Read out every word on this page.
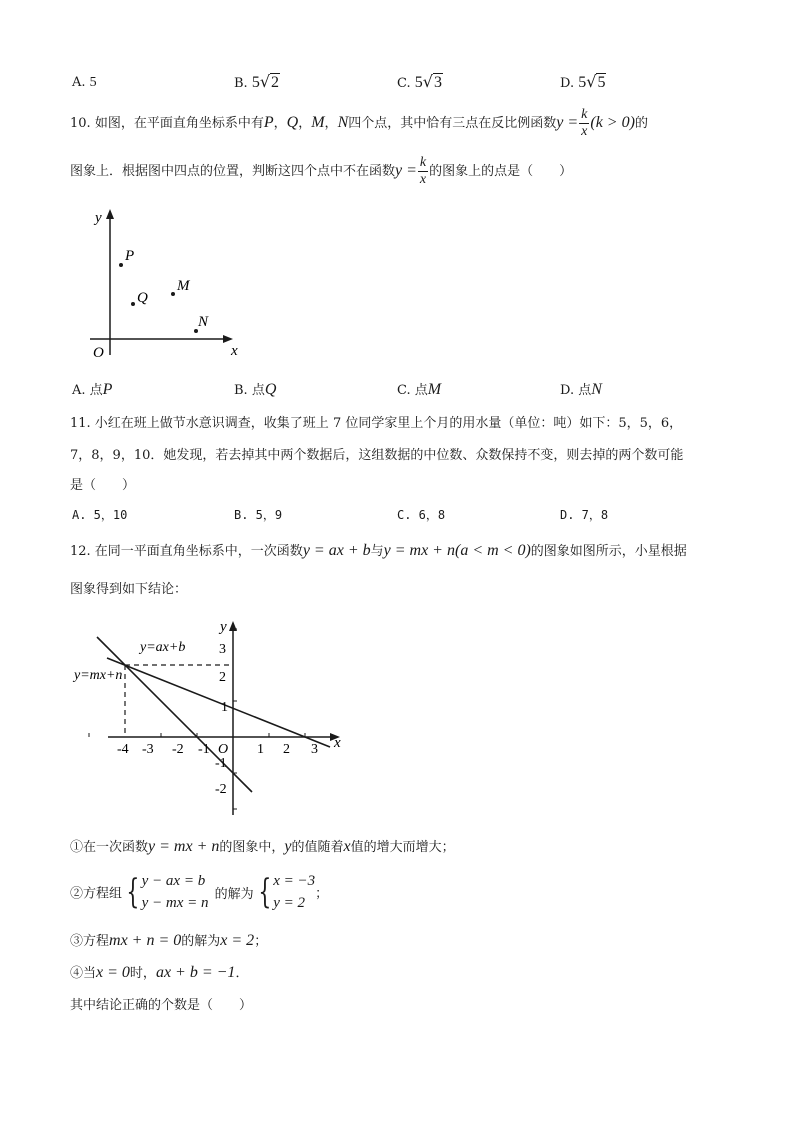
A. 5	B. 5√2	C. 5√3	D. 5√5
10. 如图，在平面直角坐标系中有P，Q，M，N四个点，其中恰有三点在反比例函数$y = \frac{k}{x} (k > 0)$的
图象上．根据图中四点的位置，判断这四个点中不在函数$y = \frac{k}{x}$ 的图象上的点是（　　）
y
x
O
P
Q
M
N
A. 点P	B. 点Q	C. 点M	D. 点N
11. 小红在班上做节水意识调查，收集了班上 7 位同学家里上个月的用水量（单位：吨）如下：5，5，6，
7，8，9，10．她发现，若去掉其中两个数据后，这组数据的中位数、众数保持不变，则去掉的两个数可能
是（　　）
A. 5，10	B. 5，9	C. 6，8	D. 7，8
12. 在同一平面直角坐标系中，一次函数y = ax + b与y = mx + n(a < m < 0)的图象如图所示，小星根据
图象得到如下结论：
y=ax+b
y=mx+n
y
x
O
-4 -3 -2 -1	1 2 3
3
2
1
-1
-2
①在一次函数y = mx + n的图象中，y的值随着x值的增大而增大；
②方程组 { y − ax = b
y − mx = n
的解为 { x = −3
y = 2
；
③方程mx + n = 0的解为x = 2；
④当x = 0时，ax + b = −1．
其中结论正确的个数是（　　）
